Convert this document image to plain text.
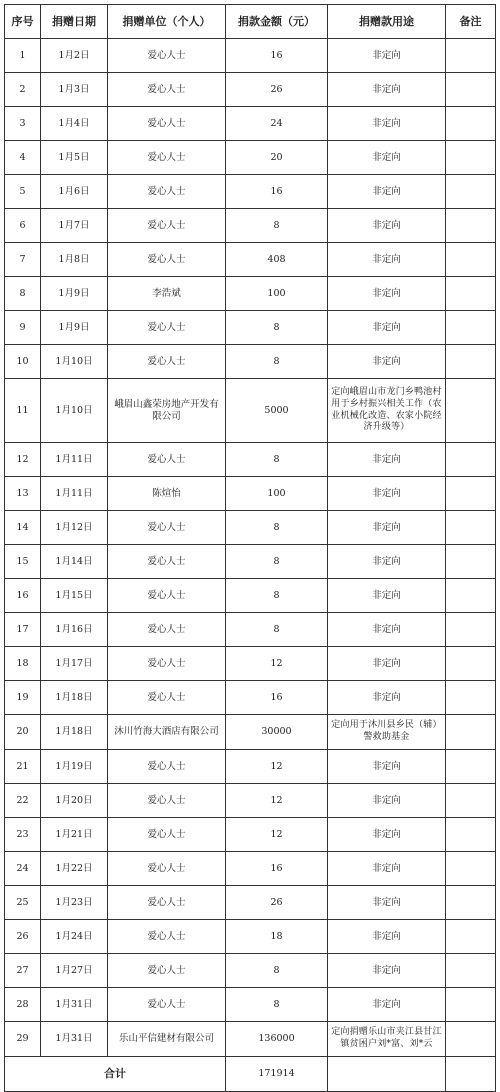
序号	捐赠日期	捐赠单位（个人）	捐款金额（元）	捐赠款用途	备注
1	1月2日	爱心人士	16	非定向	
2	1月3日	爱心人士	26	非定向	
3	1月4日	爱心人士	24	非定向	
4	1月5日	爱心人士	20	非定向	
5	1月6日	爱心人士	16	非定向	
6	1月7日	爱心人士	8	非定向	
7	1月8日	爱心人士	408	非定向	
8	1月9日	李浩斌	100	非定向	
9	1月9日	爱心人士	8	非定向	
10	1月10日	爱心人士	8	非定向	
11	1月10日	峨眉山鑫荣房地产开发有限公司	5000	定向峨眉山市龙门乡鸭池村用于乡村振兴相关工作（农业机械化改造、农家小院经济升级等）	
12	1月11日	爱心人士	8	非定向	
13	1月11日	陈煊怡	100	非定向	
14	1月12日	爱心人士	8	非定向	
15	1月14日	爱心人士	8	非定向	
16	1月15日	爱心人士	8	非定向	
17	1月16日	爱心人士	8	非定向	
18	1月17日	爱心人士	12	非定向	
19	1月18日	爱心人士	16	非定向	
20	1月18日	沐川竹海大酒店有限公司	30000	定向用于沐川县乡民（辅）警救助基金	
21	1月19日	爱心人士	12	非定向	
22	1月20日	爱心人士	12	非定向	
23	1月21日	爱心人士	12	非定向	
24	1月22日	爱心人士	16	非定向	
25	1月23日	爱心人士	26	非定向	
26	1月24日	爱心人士	18	非定向	
27	1月27日	爱心人士	8	非定向	
28	1月31日	爱心人士	8	非定向	
29	1月31日	乐山平信建材有限公司	136000	定向捐赠乐山市夹江县甘江镇贫困户刘*富、刘*云	
合计			171914		
